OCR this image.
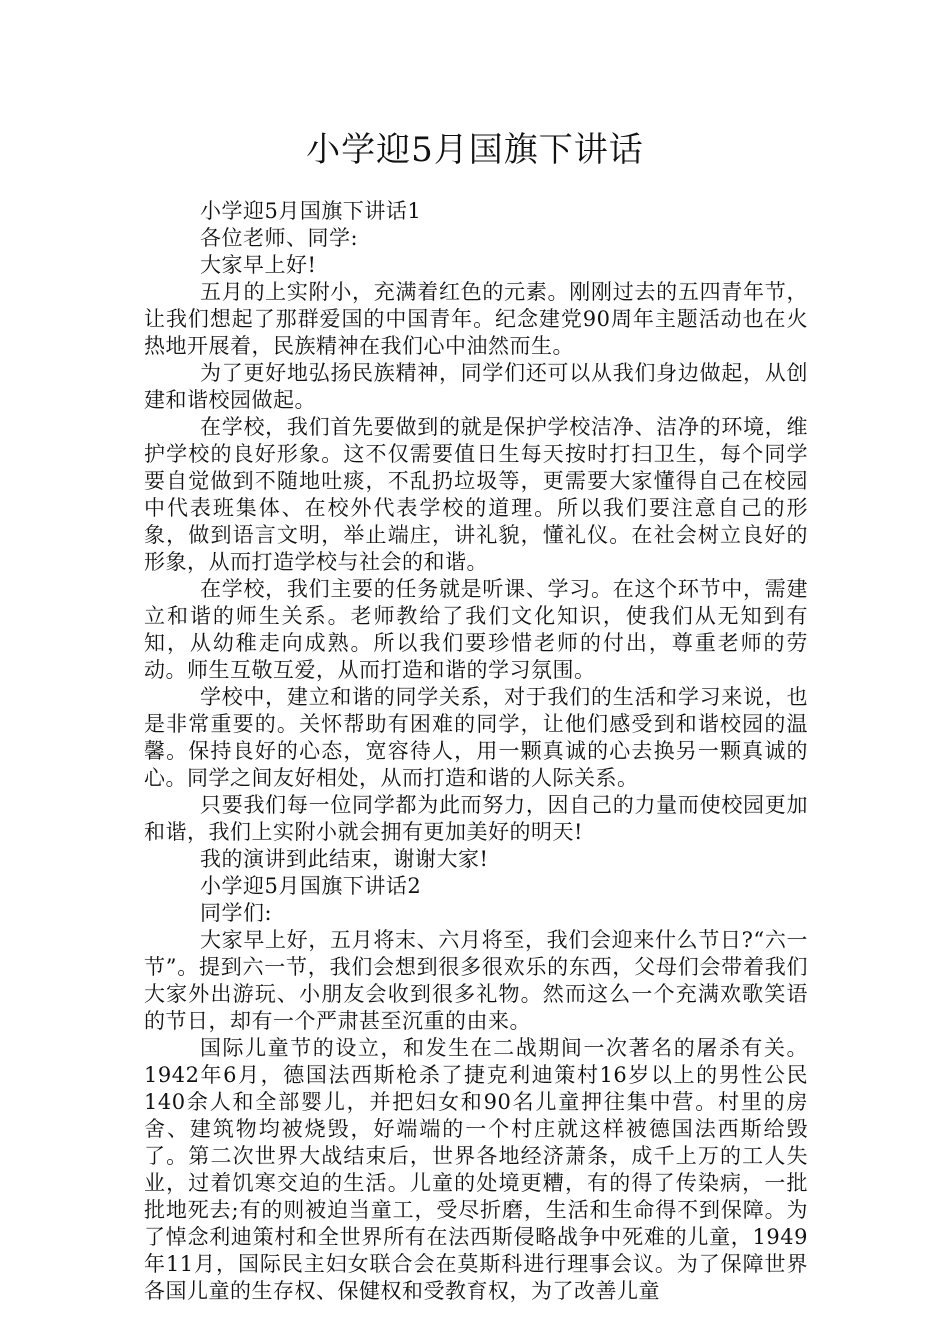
小学迎5月国旗下讲话

小学迎5月国旗下讲话1

各位老师、同学:

大家早上好!

五月的上实附小，充满着红色的元素。刚刚过去的五四青年节，让我们想起了那群爱国的中国青年。纪念建党90周年主题活动也在火热地开展着，民族精神在我们心中油然而生。

为了更好地弘扬民族精神，同学们还可以从我们身边做起，从创建和谐校园做起。

在学校，我们首先要做到的就是保护学校洁净、洁净的环境，维护学校的良好形象。这不仅需要值日生每天按时打扫卫生，每个同学要自觉做到不随地吐痰，不乱扔垃圾等，更需要大家懂得自己在校园中代表班集体、在校外代表学校的道理。所以我们要注意自己的形象，做到语言文明，举止端庄，讲礼貌，懂礼仪。在社会树立良好的形象，从而打造学校与社会的和谐。

在学校，我们主要的任务就是听课、学习。在这个环节中，需建立和谐的师生关系。老师教给了我们文化知识，使我们从无知到有知，从幼稚走向成熟。所以我们要珍惜老师的付出，尊重老师的劳动。师生互敬互爱，从而打造和谐的学习氛围。

学校中，建立和谐的同学关系，对于我们的生活和学习来说，也是非常重要的。关怀帮助有困难的同学，让他们感受到和谐校园的温馨。保持良好的心态，宽容待人，用一颗真诚的心去换另一颗真诚的心。同学之间友好相处，从而打造和谐的人际关系。

只要我们每一位同学都为此而努力，因自己的力量而使校园更加和谐，我们上实附小就会拥有更加美好的明天!

我的演讲到此结束，谢谢大家!

小学迎5月国旗下讲话2

同学们:

大家早上好，五月将末、六月将至，我们会迎来什么节日?“六一节”。提到六一节，我们会想到很多很欢乐的东西，父母们会带着我们大家外出游玩、小朋友会收到很多礼物。然而这么一个充满欢歌笑语的节日，却有一个严肃甚至沉重的由来。

国际儿童节的设立，和发生在二战期间一次著名的屠杀有关。1942年6月，德国法西斯枪杀了捷克利迪策村16岁以上的男性公民140余人和全部婴儿，并把妇女和90名儿童押往集中营。村里的房舍、建筑物均被烧毁，好端端的一个村庄就这样被德国法西斯给毁了。第二次世界大战结束后，世界各地经济萧条，成千上万的工人失业，过着饥寒交迫的生活。儿童的处境更糟，有的得了传染病，一批批地死去;有的则被迫当童工，受尽折磨，生活和生命得不到保障。为了悼念利迪策村和全世界所有在法西斯侵略战争中死难的儿童，1949年11月，国际民主妇女联合会在莫斯科进行理事会议。为了保障世界各国儿童的生存权、保健权和受教育权，为了改善儿童
